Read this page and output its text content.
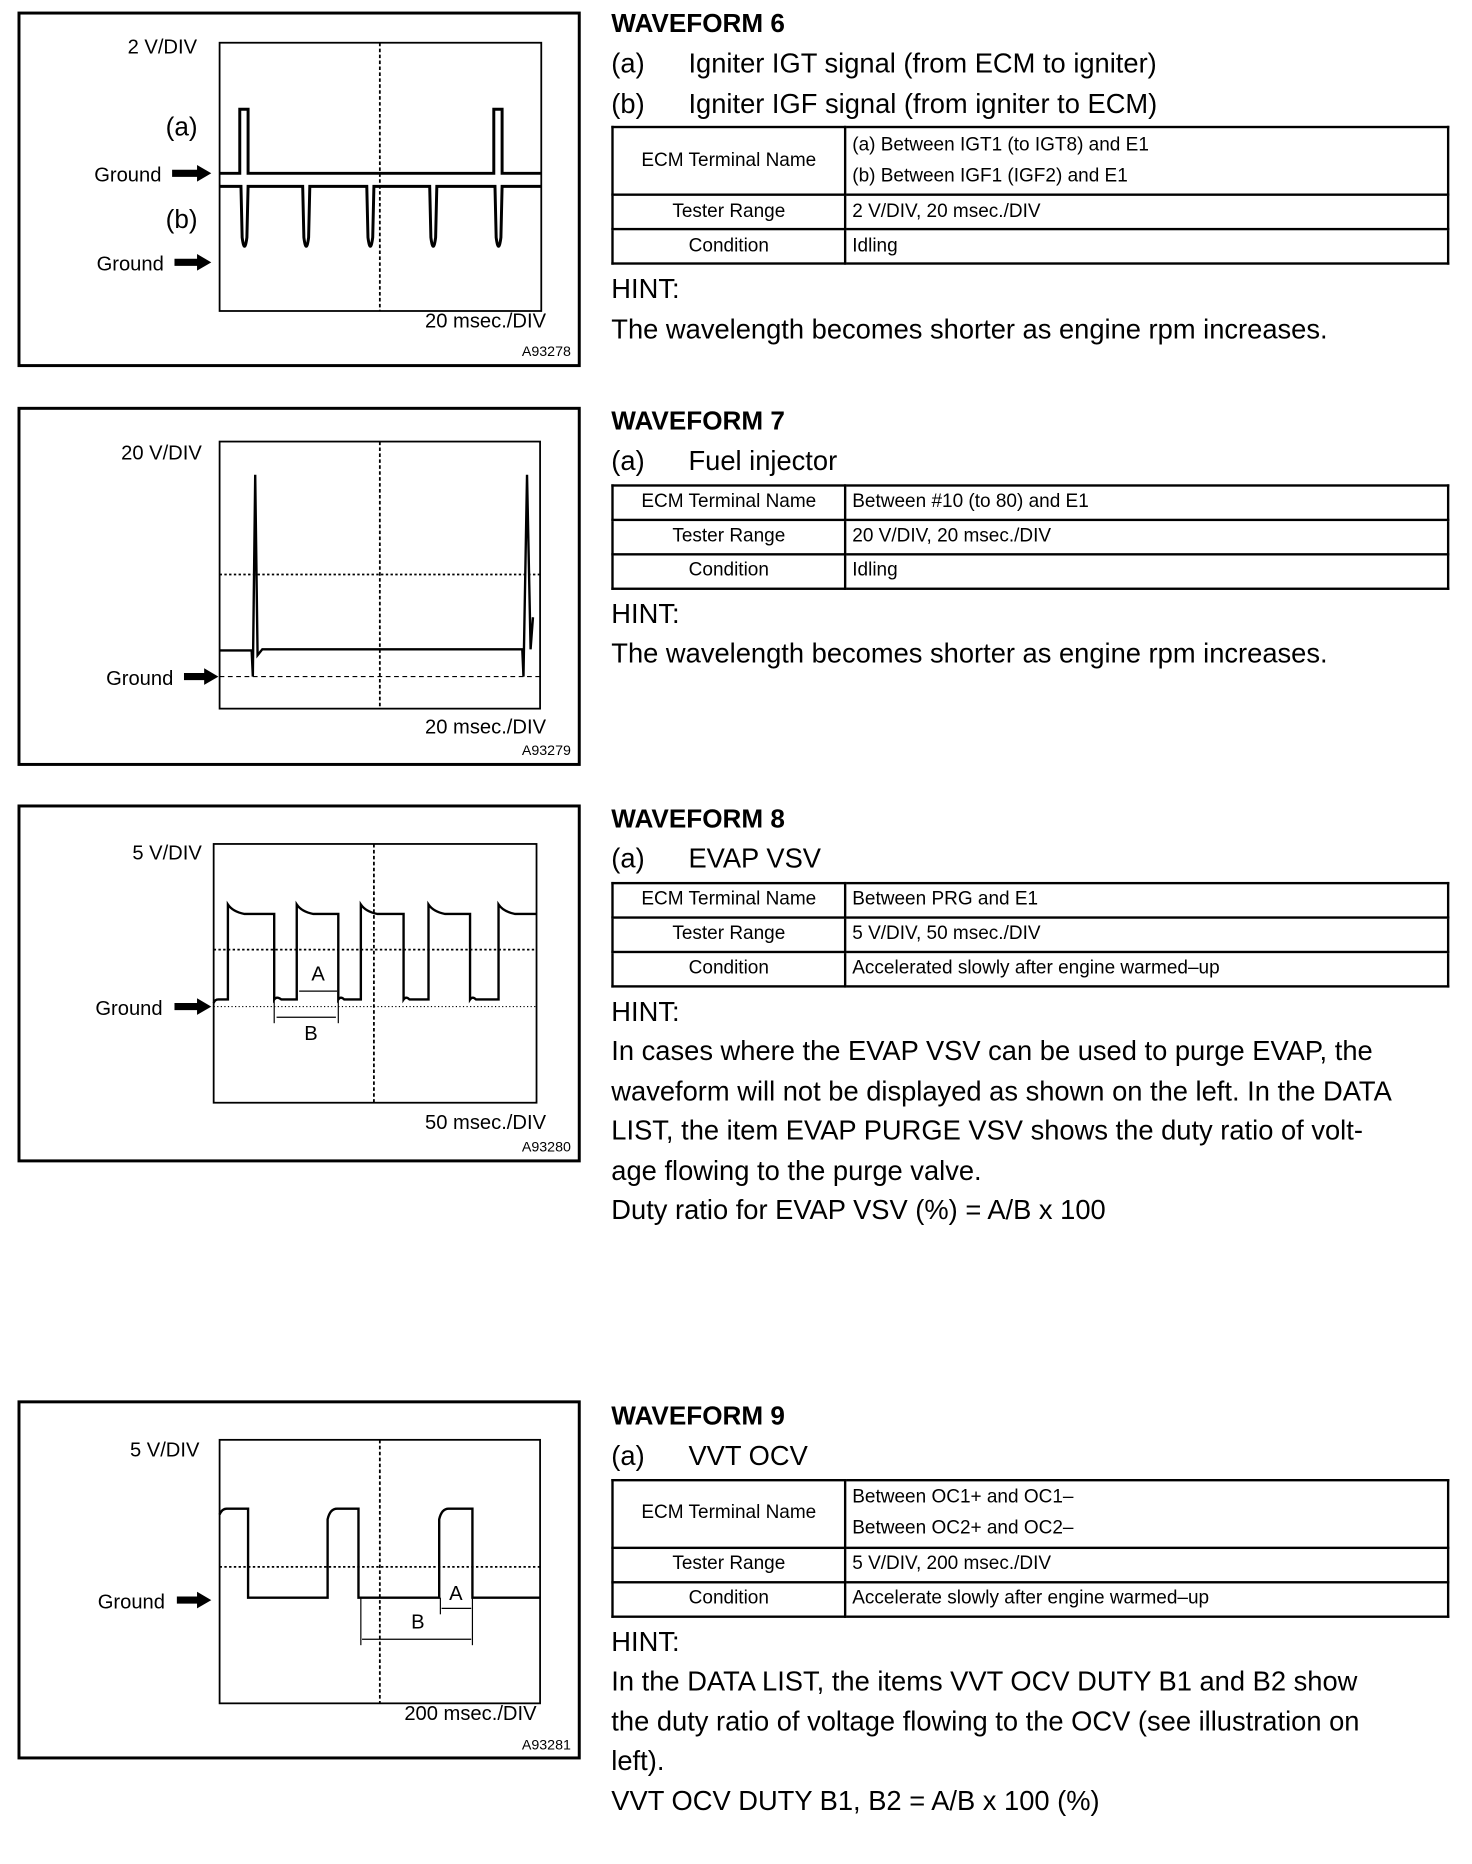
2 V/DIV
(a)
Ground
(b)
Ground
20 msec./DIV
A93278
20 V/DIV
Ground
20 msec./DIV
A93279
5 V/DIV
Ground
A
B
50 msec./DIV
A93280
5 V/DIV
Ground	A
B
200 msec./DIV
A93281
WAVEFORM 6
(a)	Igniter IGT signal (from ECM to igniter)
(b)	Igniter IGF signal (from igniter to ECM)
ECM Terminal Name	(a) Between IGT1 (to IGT8) and E1
(b) Between IGF1 (IGF2) and E1

Tester Range	2 V/DIV, 20 msec./DIV
Condition	Idling
HINT:
The wavelength becomes shorter as engine rpm increases.
WAVEFORM 7
(a)	Fuel injector
ECM Terminal Name	Between #10 (to 80) and E1
Tester Range	20 V/DIV, 20 msec./DIV
Condition	Idling
HINT:
The wavelength becomes shorter as engine rpm increases.
WAVEFORM 8
(a)	EVAP VSV
ECM Terminal Name	Between PRG and E1
Tester Range	5 V/DIV, 50 msec./DIV
Condition	Accelerated slowly after engine warmed–up
HINT:
In cases where the EVAP VSV can be used to purge EVAP, the
waveform will not be displayed as shown on the left. In the DATA
LIST, the item EVAP PURGE VSV shows the duty ratio of volt-
age flowing to the purge valve.
Duty ratio for EVAP VSV (%) = A/B x 100
WAVEFORM 9
(a)	VVT OCV
ECM Terminal Name	Between OC1+ and OC1–
Between OC2+ and OC2–

Tester Range	5 V/DIV, 200 msec./DIV
Condition	Accelerate slowly after engine warmed–up
HINT:
In the DATA LIST, the items VVT OCV DUTY B1 and B2 show
the duty ratio of voltage flowing to the OCV (see illustration on
left).
VVT OCV DUTY B1, B2 = A/B x 100 (%)
